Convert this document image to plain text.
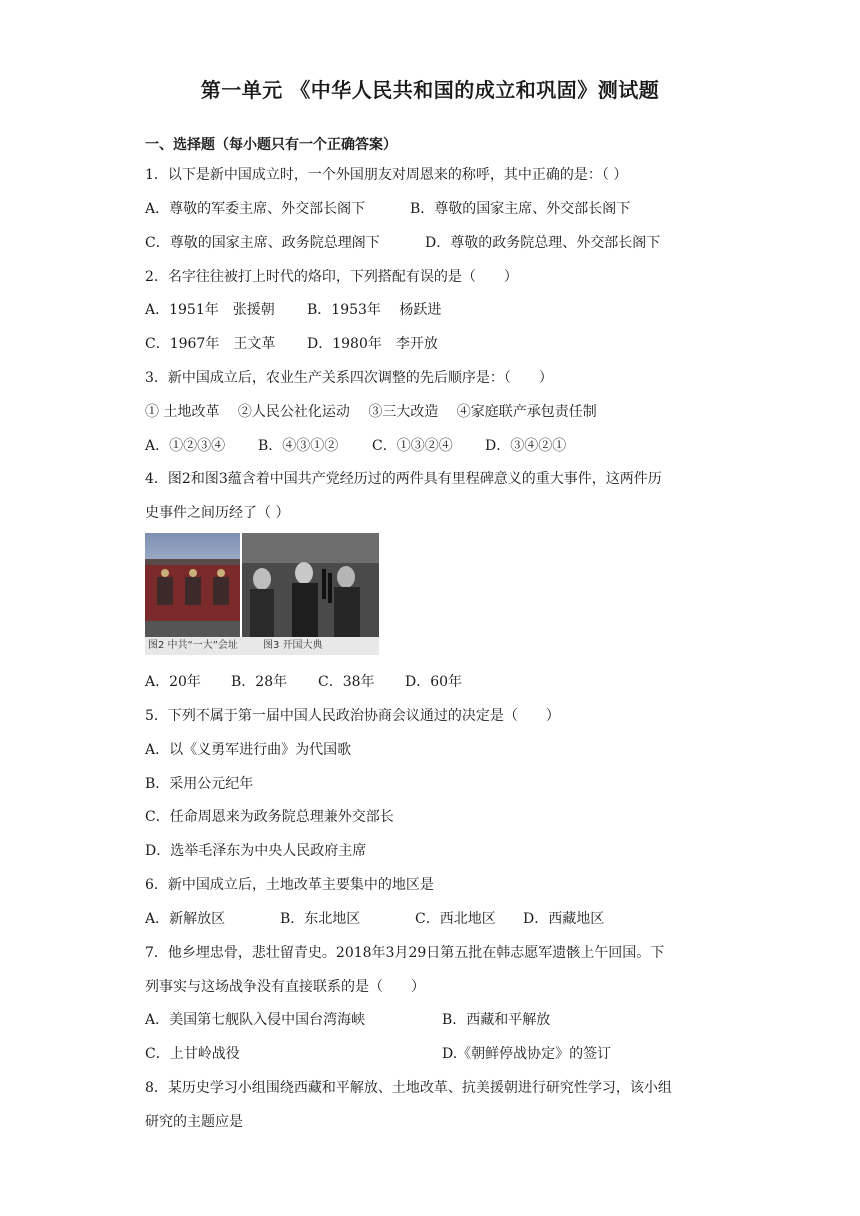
第一单元 《中华人民共和国的成立和巩固》测试题
一、选择题（每小题只有一个正确答案）
1．以下是新中国成立时，一个外国朋友对周恩来的称呼，其中正确的是：（ ）
A．尊敬的军委主席、外交部长阁下	B．尊敬的国家主席、外交部长阁下
C．尊敬的国家主席、政务院总理阁下	D．尊敬的政务院总理、外交部长阁下
2．名字往往被打上时代的烙印，下列搭配有误的是（　　）
A．1951年　张援朝 B．1953年　 杨跃进
C．1967年　王文革 D．1980年　李开放
3．新中国成立后，农业生产关系四次调整的先后顺序是：（　　）
① 土地改革　 ②人民公社化运动　 ③三大改造　 ④家庭联产承包责任制
A．①②③④ B．④③①② C．①③②④ D．③④②①
4．图2和图3蕴含着中国共产党经历过的两件具有里程碑意义的重大事件，这两件历
史事件之间历经了（ ）
图2 中共“一大”会址	图3 开国大典
A．20年 B．28年 C．38年 D．60年
5．下列不属于第一届中国人民政治协商会议通过的决定是（　　）
A．以《义勇军进行曲》为代国歌
B．采用公元纪年
C．任命周恩来为政务院总理兼外交部长
D．选举毛泽东为中央人民政府主席
6．新中国成立后，土地改革主要集中的地区是
A．新解放区	B．东北地区	C．西北地区 D．西藏地区
7．他乡埋忠骨，悲壮留青史。2018年3月29日第五批在韩志愿军遗骸上午回国。下
列事实与这场战争没有直接联系的是（　　）
A．美国第七舰队入侵中国台湾海峡	B．西藏和平解放
C．上甘岭战役	D.《朝鲜停战协定》的签订
8．某历史学习小组围绕西藏和平解放、土地改革、抗美援朝进行研究性学习，该小组
研究的主题应是
